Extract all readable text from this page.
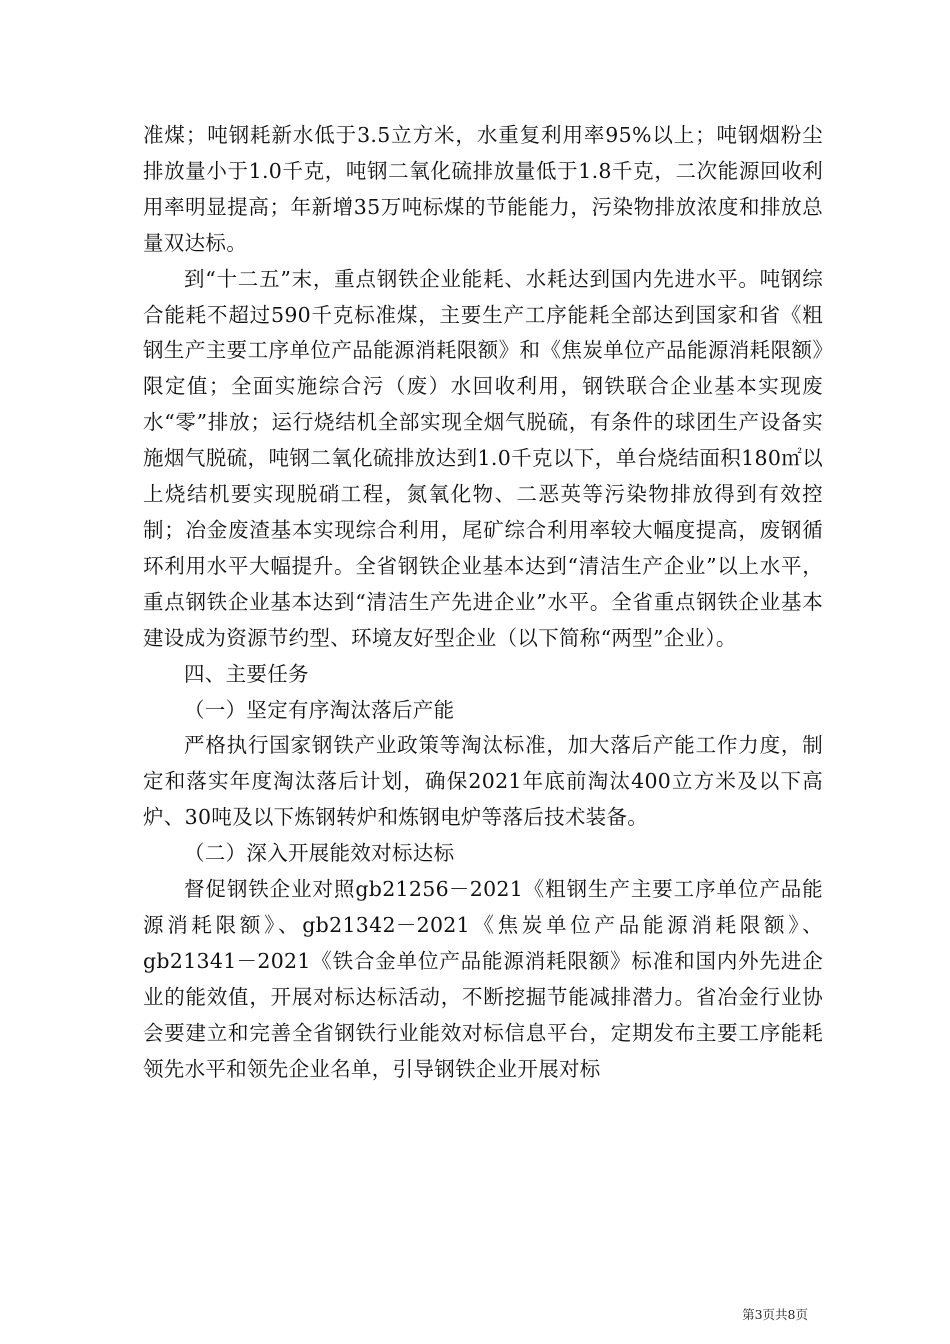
准煤；吨钢耗新水低于3.5立方米，水重复利用率95%以上；吨钢烟粉尘排放量小于1.0千克，吨钢二氧化硫排放量低于1.8千克，二次能源回收利用率明显提高；年新增35万吨标煤的节能能力，污染物排放浓度和排放总量双达标。

到“十二五”末，重点钢铁企业能耗、水耗达到国内先进水平。吨钢综合能耗不超过590千克标准煤，主要生产工序能耗全部达到国家和省《粗钢生产主要工序单位产品能源消耗限额》和《焦炭单位产品能源消耗限额》限定值；全面实施综合污（废）水回收利用，钢铁联合企业基本实现废水“零”排放；运行烧结机全部实现全烟气脱硫，有条件的球团生产设备实施烟气脱硫，吨钢二氧化硫排放达到1.0千克以下，单台烧结面积180㎡以上烧结机要实现脱硝工程，氮氧化物、二恶英等污染物排放得到有效控制；冶金废渣基本实现综合利用，尾矿综合利用率较大幅度提高，废钢循环利用水平大幅提升。全省钢铁企业基本达到“清洁生产企业”以上水平，重点钢铁企业基本达到“清洁生产先进企业”水平。全省重点钢铁企业基本建设成为资源节约型、环境友好型企业（以下简称“两型”企业）。

四、主要任务

（一）坚定有序淘汰落后产能

严格执行国家钢铁产业政策等淘汰标准，加大落后产能工作力度，制定和落实年度淘汰落后计划，确保2021年底前淘汰400立方米及以下高炉、30吨及以下炼钢转炉和炼钢电炉等落后技术装备。

（二）深入开展能效对标达标

督促钢铁企业对照gb21256－2021《粗钢生产主要工序单位产品能源消耗限额》、gb21342－2021《焦炭单位产品能源消耗限额》、gb21341－2021《铁合金单位产品能源消耗限额》标准和国内外先进企业的能效值，开展对标达标活动，不断挖掘节能减排潜力。省冶金行业协会要建立和完善全省钢铁行业能效对标信息平台，定期发布主要工序能耗领先水平和领先企业名单，引导钢铁企业开展对标

第3页共8页
